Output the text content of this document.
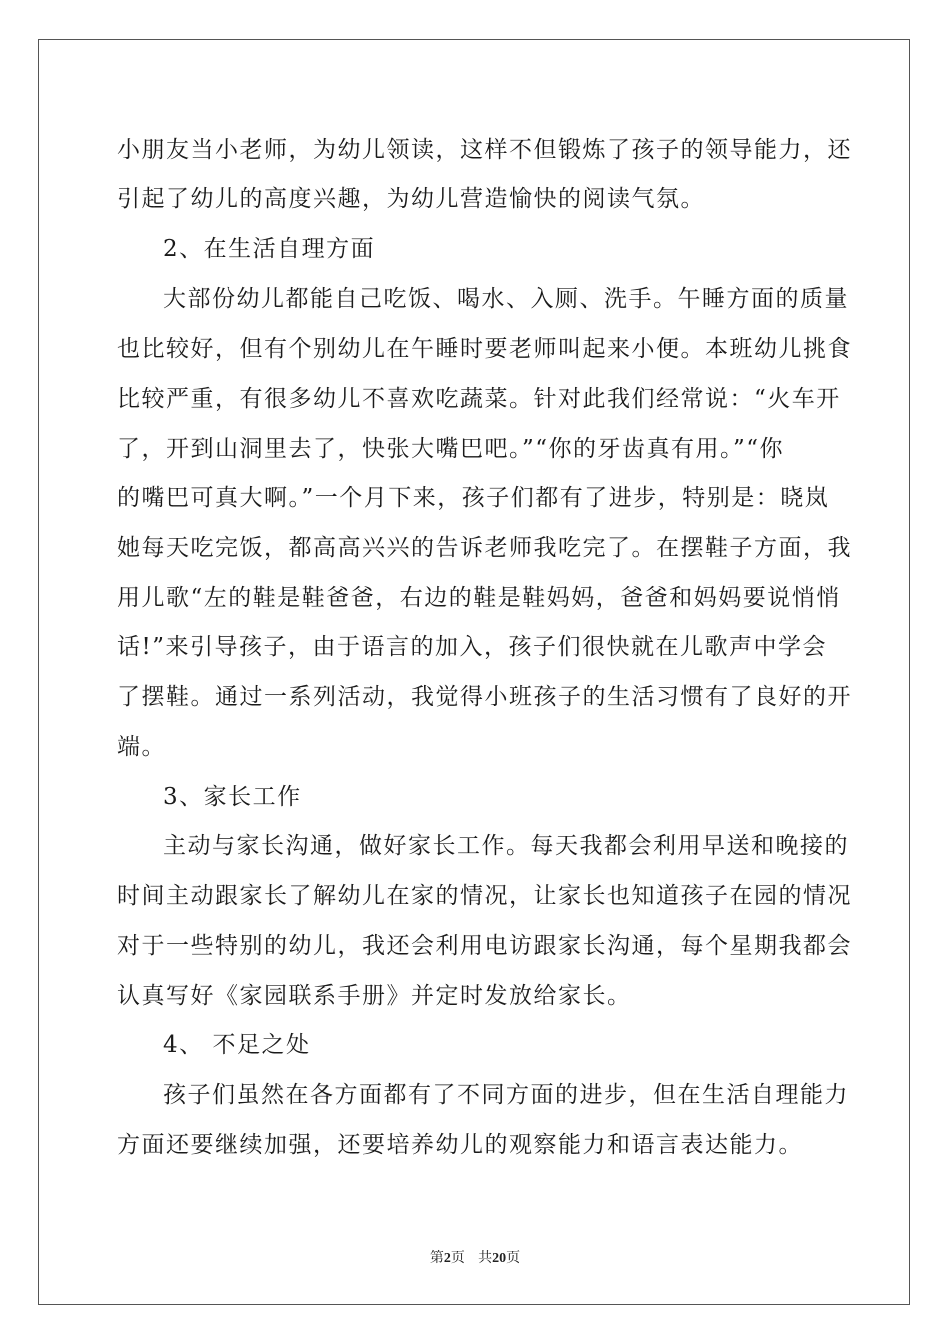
小朋友当小老师，为幼儿领读，这样不但锻炼了孩子的领导能力，还
引起了幼儿的高度兴趣，为幼儿营造愉快的阅读气氛。
2、在生活自理方面
大部份幼儿都能自己吃饭、喝水、入厕、洗手。午睡方面的质量
也比较好，但有个别幼儿在午睡时要老师叫起来小便。本班幼儿挑食
比较严重，有很多幼儿不喜欢吃蔬菜。针对此我们经常说：“火车开
了，开到山洞里去了，快张大嘴巴吧。”“你的牙齿真有用。”“你
的嘴巴可真大啊。”一个月下来，孩子们都有了进步，特别是：晓岚
她每天吃完饭，都高高兴兴的告诉老师我吃完了。在摆鞋子方面，我
用儿歌“左的鞋是鞋爸爸，右边的鞋是鞋妈妈，爸爸和妈妈要说悄悄
话!”来引导孩子，由于语言的加入，孩子们很快就在儿歌声中学会
了摆鞋。通过一系列活动，我觉得小班孩子的生活习惯有了良好的开
端。
3、家长工作
主动与家长沟通，做好家长工作。每天我都会利用早送和晚接的
时间主动跟家长了解幼儿在家的情况，让家长也知道孩子在园的情况
对于一些特别的幼儿，我还会利用电访跟家长沟通，每个星期我都会
认真写好《家园联系手册》并定时发放给家长。
4、 不足之处
孩子们虽然在各方面都有了不同方面的进步，但在生活自理能力
方面还要继续加强，还要培养幼儿的观察能力和语言表达能力。
第2页 共20页
